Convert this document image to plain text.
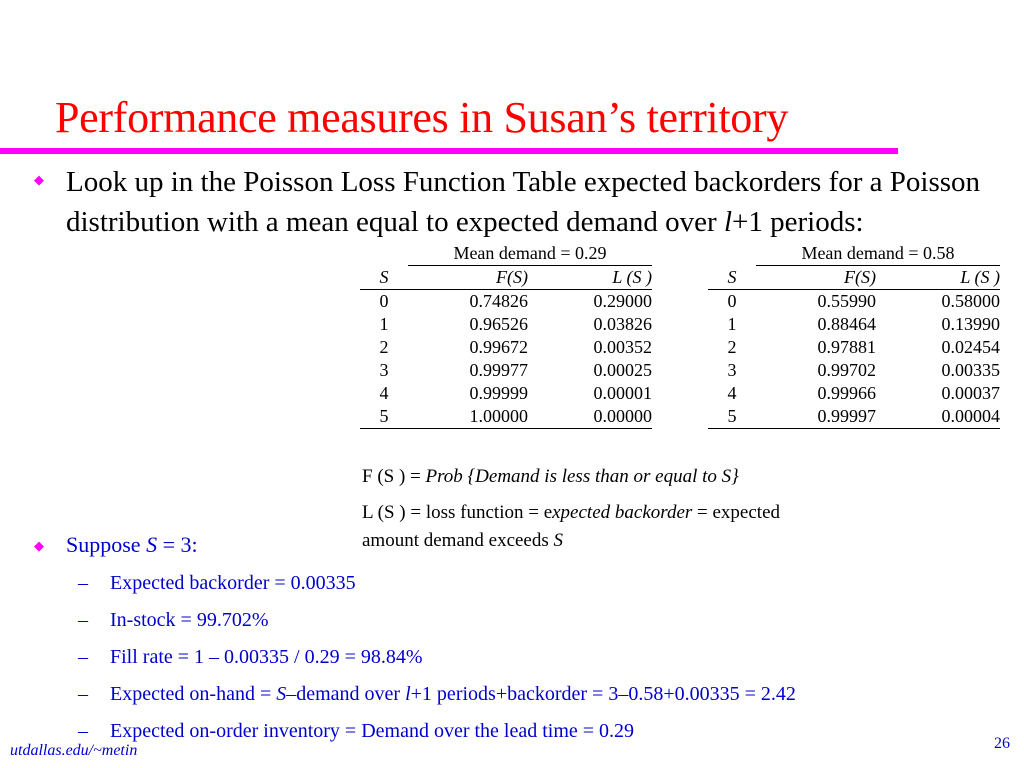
Performance measures in Susan’s territory
◆ Look up in the Poisson Loss Function Table expected backorders for a Poisson distribution with a mean equal to expected demand over l+1 periods:
	Mean demand = 0.29	
S	F(S)	L (S )
0	0.74826	0.29000
1	0.96526	0.03826
2	0.99672	0.00352
3	0.99977	0.00025
4	0.99999	0.00001
5	1.00000	0.00000
	Mean demand = 0.58	
S	F(S)	L (S )
0	0.55990	0.58000
1	0.88464	0.13990
2	0.97881	0.02454
3	0.99702	0.00335
4	0.99966	0.00037
5	0.99997	0.00004
F (S ) = Prob {Demand is less than or equal to S}
L (S ) = loss function = expected backorder = expected
amount demand exceeds S
◆ Suppose S = 3:
– Expected backorder = 0.00335
– In-stock = 99.702%
– Fill rate = 1 – 0.00335 / 0.29 = 98.84%
– Expected on-hand = S–demand over l+1 periods+backorder = 3–0.58+0.00335 = 2.42
– Expected on-order inventory = Demand over the lead time = 0.29
utdallas.edu/~metin	26
